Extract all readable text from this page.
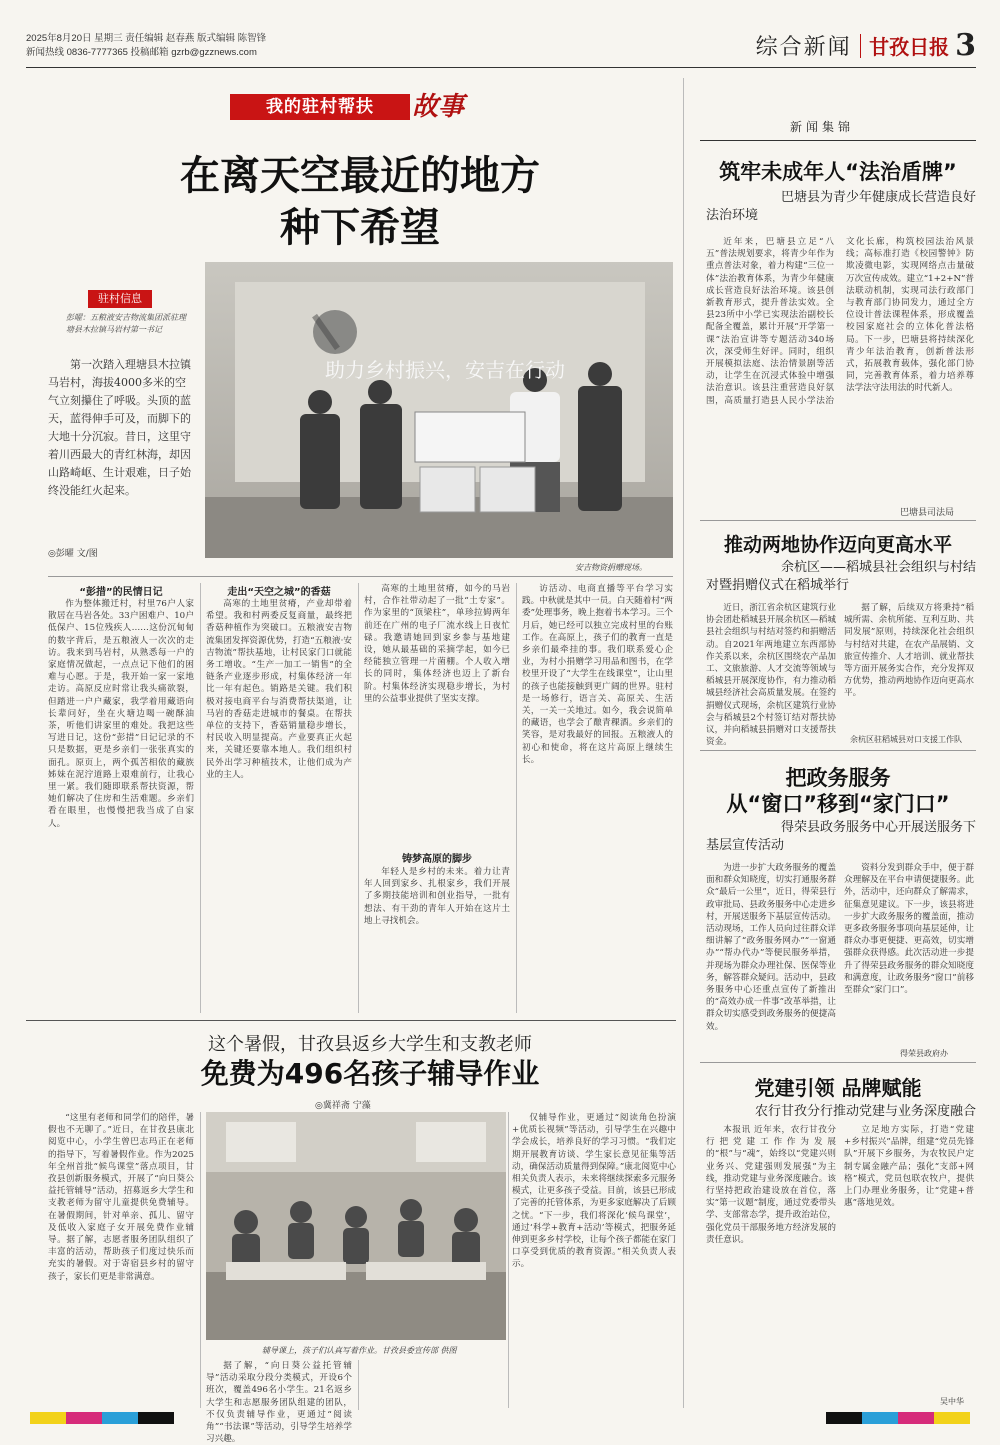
2025年8月20日 星期三 责任编辑 赵春燕 版式编辑 陈智锋
新闻热线 0836-7777365 投稿邮箱 gzrb@gzznews.com	综合新闻 甘孜日报 3
我的驻村帮扶	故事
在离天空最近的地方
种下希望
驻村信息
彭曜：五粮液安吉物流集团派驻理塘县木拉镇马岩村第一书记
第一次踏入理塘县木拉镇马岩村，海拔4000多米的空气立刻攥住了呼吸。头顶的蓝天，蓝得伸手可及，而脚下的大地十分沉寂。昔日，这里守着川西最大的青红林海，却因山路崎岖、生计艰难，日子始终没能红火起来。
◎彭曜 文/图
助力乡村振兴，安吉在行动
安吉物资捐赠现场。
“彭措”的民情日记

作为整体搬迁村，村里76户人家散居在马岩各处。33户困难户、10户低保户、15位残疾人……这份沉甸甸的数字背后，是五粮液人一次次的走访。我来到马岩村，从熟悉每一户的家庭情况做起，一点点记下他们的困难与心愿。于是，我开始一家一家地走访。高原反应时常让我头痛欲裂，但踏进一户户藏家，我学着用藏语向长辈问好，坐在火塘边喝一碗酥油茶，听他们讲家里的难处。我把这些写进日记，这份“彭措”日记记录的不只是数据，更是乡亲们一张张真实的面孔。原页上，两个孤苦相依的藏族姊妹在泥泞道路上艰难前行，让我心里一紧。我们随即联系帮扶资源，帮她们解决了住房和生活难题。乡亲们看在眼里，也慢慢把我当成了自家人。

走出“天空之城”的香菇

高寒的土地里贫瘠，产业却带着希望。我和村两委反复商量，最终把香菇种植作为突破口。五粮液安吉物流集团发挥资源优势，打造“五粮液·安吉物流”帮扶基地，让村民家门口就能务工增收。“生产一加工一销售”的全链条产业逐步形成，村集体经济一年比一年有起色。销路是关键。我们积极对接电商平台与消费帮扶渠道，让马岩的香菇走进城市的餐桌。在帮扶单位的支持下，香菇销量稳步增长，村民收入明显提高。产业要真正火起来，关键还要靠本地人。我们组织村民外出学习种植技术，让他们成为产业的主人。

高寒的土地里贫瘠，如今的马岩村，合作社带动起了一批“土专家”。作为家里的“顶梁柱”，单珍拉姆两年前还在广州的电子厂流水线上日夜忙碌。我邀请她回到家乡参与基地建设，她从最基础的采摘学起，如今已经能独立管理一片菌棚。个人收入增长的同时，集体经济也迈上了新台阶。村集体经济实现稳步增长，为村里的公益事业提供了坚实支撑。

铸梦高原的脚步

年轻人是乡村的未来。着力让青年人回到家乡、扎根家乡，我们开展了多期技能培训和创业指导，一批有想法、有干劲的青年人开始在这片土地上寻找机会。

访活动、电商直播等平台学习实践。中秋就是其中一员。白天随着村“两委”处理事务，晚上抱着书本学习。三个月后，她已经可以独立完成村里的台账工作。在高原上，孩子们的教育一直是乡亲们最牵挂的事。我们联系爱心企业，为村小捐赠学习用品和图书，在学校里开设了“大学生在线课堂”，让山里的孩子也能接触到更广阔的世界。驻村是一场修行，语言关、高原关、生活关，一关一关地过。如今，我会说简单的藏语，也学会了酿青稞酒。乡亲们的笑容，是对我最好的回报。五粮液人的初心和使命，将在这片高原上继续生长。

这个暑假，甘孜县返乡大学生和支教老师
免费为496名孩子辅导作业
◎冀祥斋 宁藻

“这里有老师和同学们的陪伴，暑假也不无聊了。”近日，在甘孜县康北阅览中心，小学生曾巴志玛正在老师的指导下，写着暑假作业。作为2025年全州首批“候鸟课堂”落点项目，甘孜县创新服务模式，开展了“向日葵公益托管辅导”活动，招募返乡大学生和支教老师为留守儿童提供免费辅导。在暑假期间，针对单亲、孤儿、留守及低收入家庭子女开展免费作业辅导。据了解，志愿者服务团队组织了丰富的活动，帮助孩子们度过快乐而充实的暑假。对于寄宿县乡村的留守孩子，家长们更是非常满意。

辅导课上，孩子们认真写着作业。甘孜县委宣传部 供图

据了解，“向日葵公益托管辅导”活动采取分段分类模式，开设6个班次，覆盖496名小学生。21名返乡大学生和志愿服务团队组建的团队，不仅负责辅导作业，更通过“阅读角”“书法课”等活动，引导学生培养学习兴趣。

仅辅导作业，更通过“阅读角色扮演+优质长视频”等活动，引导学生在兴趣中学会成长，培养良好的学习习惯。“我们定期开展教育访谈、学生家长意见征集等活动，确保活动质量得到保障。”康北阅览中心相关负责人表示，未来将继续探索多元服务模式，让更多孩子受益。目前，该县已形成了完善的托管体系，为更多家庭解决了后顾之忧。“下一步，我们将深化‘候鸟课堂’，通过‘科学+教育+活动’等模式，把服务延伸到更多乡村学校，让每个孩子都能在家门口享受到优质的教育资源。”相关负责人表示。

新闻集锦
筑牢未成年人“法治盾牌”
巴塘县为青少年健康成长营造良好
法治环境

近年来，巴塘县立足“八五”普法规划要求，将青少年作为重点普法对象，着力构建“三位一体”法治教育体系，为青少年健康成长营造良好法治环境。该县创新教育形式，提升普法实效。全县23所中小学已实现法治副校长配备全覆盖，累计开展“开学第一课”法治宣讲等专题活动340场次，深受师生好评。同时，组织开展模拟法庭、法治情景剧等活动，让学生在沉浸式体验中增强法治意识。该县注重营造良好氛围，高质量打造县人民小学法治文化长廊，构筑校园法治风景线；高标准打造《校园警钟》防欺凌微电影，实现网络点击量破万次宣传成效。建立“1+2+N”普法联动机制，实现司法行政部门与教育部门协同发力，通过全方位设计普法课程体系，形成覆盖校园家庭社会的立体化普法格局。下一步，巴塘县将持续深化青少年法治教育，创新普法形式，拓展教育载体，强化部门协同，完善教育体系，着力培养尊法学法守法用法的时代新人。

巴塘县司法局
推动两地协作迈向更高水平
余杭区——稻城县社会组织与村结
对暨捐赠仪式在稻城举行

近日，浙江省余杭区建筑行业协会团赴稻城县开展余杭区—稻城县社会组织与村结对签约和捐赠活动。自2021年两地建立东西部协作关系以来，余杭区围绕农产品加工、文旅旅游、人才交流等领域与稻城县开展深度协作，有力推动稻城县经济社会高质量发展。在签约捐赠仪式现场，余杭区建筑行业协会与稻城县2个村签订结对帮扶协议，并向稻城县捐赠对口支援帮扶资金。

据了解，后续双方将秉持“稻城所需、余杭所能、互利互助、共同发展”原则，持续深化社会组织与村结对共建，在农产品展销、文旅宣传推介、人才培训、就业帮扶等方面开展务实合作，充分发挥双方优势，推动两地协作迈向更高水平。

余杭区驻稻城县对口支援工作队
把政务服务
从“窗口”移到“家门口”
得荣县政务服务中心开展送服务下
基层宣传活动

为进一步扩大政务服务的覆盖面和群众知晓度，切实打通服务群众“最后一公里”，近日，得荣县行政审批局、县政务服务中心走进乡村，开展送服务下基层宣传活动。活动现场，工作人员向过往群众详细讲解了“政务服务网办”“一窗通办”“帮办代办”等便民服务举措，并现场为群众办理社保、医保等业务，解答群众疑问。活动中，县政务服务中心还重点宣传了新推出的“高效办成一件事”改革举措，让群众切实感受到政务服务的便捷高效。

资料分发到群众手中，便于群众理解及在平台申请便捷服务。此外，活动中，还向群众了解需求，征集意见建议。下一步，该县将进一步扩大政务服务的覆盖面，推动更多政务服务事项向基层延伸，让群众办事更便捷、更高效，切实增强群众获得感。此次活动进一步提升了得荣县政务服务的群众知晓度和满意度，让政务服务“窗口”前移至群众“家门口”。

得荣县政府办
党建引领 品牌赋能
农行甘孜分行推动党建与业务深度融合

本报讯 近年来，农行甘孜分行把党建工作作为发展的“根”与“魂”，始终以“党建兴则业务兴、党建强则发展强”为主线，推动党建与业务深度融合。该行坚持把政治建设放在首位，落实“第一议题”制度，通过党委带头学、支部常态学，提升政治站位，强化党员干部服务地方经济发展的责任意识。

立足地方实际，打造“党建+乡村振兴”品牌，组建“党员先锋队”开展下乡服务，为农牧民户定制专属金融产品；强化“支部+网格”模式，党员包联农牧户，提供上门办理业务服务，让“党建+普惠”落地见效。

吴中华
